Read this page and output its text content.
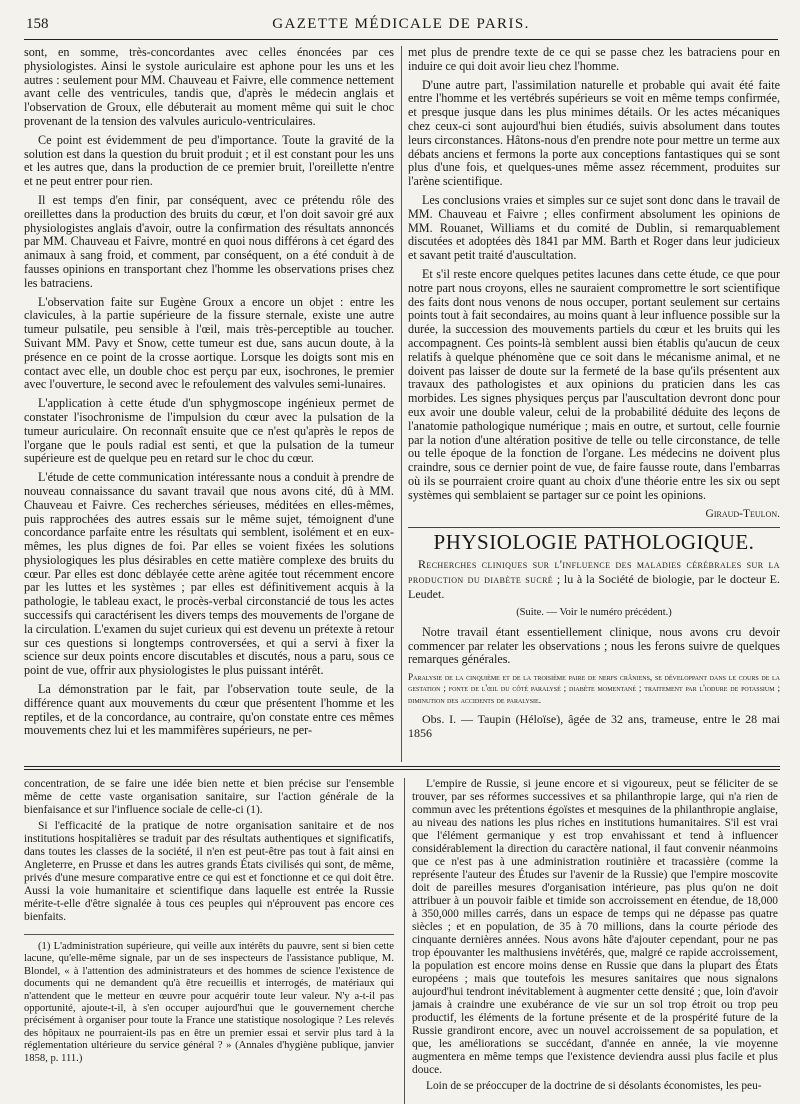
158	GAZETTE MÉDICALE DE PARIS.

sont, en somme, très-concordantes avec celles énoncées par ces physiologistes. Ainsi le systole auriculaire est aphone pour les uns et les autres : seulement pour MM. Chauveau et Faivre, elle commence nettement avant celle des ventricules, tandis que, d'après le médecin anglais et l'observation de Groux, elle débuterait au moment même qui suit le choc provenant de la tension des valvules auriculo-ventriculaires.

Ce point est évidemment de peu d'importance. Toute la gravité de la solution est dans la question du bruit produit ; et il est constant pour les uns et les autres que, dans la production de ce premier bruit, l'oreillette n'entre et ne peut entrer pour rien.

Il est temps d'en finir, par conséquent, avec ce prétendu rôle des oreillettes dans la production des bruits du cœur, et l'on doit savoir gré aux physiologistes anglais d'avoir, outre la confirmation des résultats annoncés par MM. Chauveau et Faivre, montré en quoi nous différons à cet égard des animaux à sang froid, et comment, par conséquent, on a été conduit à de fausses opinions en transportant chez l'homme les observations prises chez les batraciens.

L'observation faite sur Eugène Groux a encore un objet : entre les clavicules, à la partie supérieure de la fissure sternale, existe une autre tumeur pulsatile, peu sensible à l'œil, mais très-perceptible au toucher. Suivant MM. Pavy et Snow, cette tumeur est due, sans aucun doute, à la présence en ce point de la crosse aortique. Lorsque les doigts sont mis en contact avec elle, un double choc est perçu par eux, isochrones, le premier avec l'ouverture, le second avec le refoulement des valvules semi-lunaires.

L'application à cette étude d'un sphygmoscope ingénieux permet de constater l'isochronisme de l'impulsion du cœur avec la pulsation de la tumeur auriculaire. On reconnaît ensuite que ce n'est qu'après le repos de l'organe que le pouls radial est senti, et que la pulsation de la tumeur supérieure est de quelque peu en retard sur le choc du cœur.

L'étude de cette communication intéressante nous a conduit à prendre de nouveau connaissance du savant travail que nous avons cité, dû à MM. Chauveau et Faivre. Ces recherches sérieuses, méditées en elles-mêmes, puis rapprochées des autres essais sur le même sujet, témoignent d'une concordance parfaite entre les résultats qui semblent, isolément et en eux-mêmes, les plus dignes de foi. Par elles se voient fixées les solutions physiologiques les plus désirables en cette matière complexe des bruits du cœur. Par elles est donc déblayée cette arène agitée tout récemment encore par les luttes et les systèmes ; par elles est définitivement acquis à la pathologie, le tableau exact, le procès-verbal circonstancié de tous les actes successifs qui caractérisent les divers temps des mouvements de l'organe de la circulation. L'examen du sujet curieux qui est devenu un prétexte à retour sur ces questions si longtemps controversées, et qui a servi à fixer la science sur deux points encore discutables et discutés, nous a paru, sous ce point de vue, offrir aux physiologistes le plus puissant intérêt.

La démonstration par le fait, par l'observation toute seule, de la différence quant aux mouvements du cœur que présentent l'homme et les reptiles, et de la concordance, au contraire, qu'on constate entre ces mêmes mouvements chez lui et les mammifères supérieurs, ne per-

met plus de prendre texte de ce qui se passe chez les batraciens pour en induire ce qui doit avoir lieu chez l'homme.

D'une autre part, l'assimilation naturelle et probable qui avait été faite entre l'homme et les vertébrés supérieurs se voit en même temps confirmée, et presque jusque dans les plus minimes détails. Or les actes mécaniques chez ceux-ci sont aujourd'hui bien étudiés, suivis absolument dans toutes leurs circonstances. Hâtons-nous d'en prendre note pour mettre un terme aux débats anciens et fermons la porte aux conceptions fantastiques qui se sont plus d'une fois, et quelques-unes même assez récemment, produites sur l'arène scientifique.

Les conclusions vraies et simples sur ce sujet sont donc dans le travail de MM. Chauveau et Faivre ; elles confirment absolument les opinions de MM. Rouanet, Williams et du comité de Dublin, si remarquablement discutées et adoptées dès 1841 par MM. Barth et Roger dans leur judicieux et savant petit traité d'auscultation.

Et s'il reste encore quelques petites lacunes dans cette étude, ce que pour notre part nous croyons, elles ne sauraient compromettre le sort scientifique des faits dont nous venons de nous occuper, portant seulement sur certains points tout à fait secondaires, au moins quant à leur influence possible sur la durée, la succession des mouvements partiels du cœur et les bruits qui les accompagnent. Ces points-là semblent aussi bien établis qu'aucun de ceux relatifs à quelque phénomène que ce soit dans le mécanisme animal, et ne doivent pas laisser de doute sur la fermeté de la base qu'ils présentent aux travaux des pathologistes et aux opinions du praticien dans les cas morbides. Les signes physiques perçus par l'auscultation devront donc pour eux avoir une double valeur, celui de la probabilité déduite des leçons de l'anatomie pathologique numérique ; mais en outre, et surtout, celle fournie par la notion d'une altération positive de telle ou telle circonstance, de telle ou telle époque de la fonction de l'organe. Les médecins ne doivent plus craindre, sous ce dernier point de vue, de faire fausse route, dans l'embarras où ils se pourraient croire quant au choix d'une théorie entre les six ou sept systèmes qui semblaient se partager sur ce point les opinions.

Giraud-Teulon.
PHYSIOLOGIE PATHOLOGIQUE.
Recherches cliniques sur l'influence des maladies cérébrales sur la production du diabète sucré ; lu à la Société de biologie, par le docteur E. Leudet.
(Suite. — Voir le numéro précédent.)

Notre travail étant essentiellement clinique, nous avons cru devoir commencer par relater les observations ; nous les ferons suivre de quelques remarques générales.

Paralysie de la cinquième et de la troisième paire de nerfs crâniens, se développant dans le cours de la gestation ; fonte de l'œil du côté paralysé ; diabète momentané ; traitement par l'iodure de potassium ; diminution des accidents de paralysie.

Obs. I. — Taupin (Héloïse), âgée de 32 ans, trameuse, entre le 28 mai 1856

concentration, de se faire une idée bien nette et bien précise sur l'ensemble même de cette vaste organisation sanitaire, sur l'action générale de la bienfaisance et sur l'influence sociale de celle-ci (1).

Si l'efficacité de la pratique de notre organisation sanitaire et de nos institutions hospitalières se traduit par des résultats authentiques et significatifs, dans toutes les classes de la société, il n'en est peut-être pas tout à fait ainsi en Angleterre, en Prusse et dans les autres grands États civilisés qui sont, de même, privés d'une mesure comparative entre ce qui est et fonctionne et ce qui doit être. Aussi la voie humanitaire et scientifique dans laquelle est entrée la Russie mérite-t-elle d'être signalée à tous ces peuples qui n'éprouvent pas encore ces bienfaits.

(1) L'administration supérieure, qui veille aux intérêts du pauvre, sent si bien cette lacune, qu'elle-même signale, par un de ses inspecteurs de l'assistance publique, M. Blondel, « à l'attention des administrateurs et des hommes de science l'existence de documents qui ne demandent qu'à être recueillis et interrogés, de matériaux qui n'attendent que le metteur en œuvre pour acquérir toute leur valeur. N'y a-t-il pas opportunité, ajoute-t-il, à s'en occuper aujourd'hui que le gouvernement cherche précisément à organiser pour toute la France une statistique nosologique ? Les relevés des hôpitaux ne pourraient-ils pas en être un premier essai et servir plus tard à la réglementation ultérieure du service général ? » (Annales d'hygiène publique, janvier 1858, p. 111.)

L'empire de Russie, si jeune encore et si vigoureux, peut se féliciter de se trouver, par ses réformes successives et sa philanthropie large, qui n'a rien de commun avec les prétentions égoïstes et mesquines de la philanthropie anglaise, au niveau des nations les plus riches en institutions humanitaires. S'il est vrai que l'élément germanique y est trop envahissant et tend à influencer considérablement la direction du caractère national, il faut convenir néanmoins que ce n'est pas à une administration routinière et tracassière (comme la représente l'auteur des Études sur l'avenir de la Russie) que l'empire moscovite doit de pareilles mesures d'organisation intérieure, pas plus qu'on ne doit attribuer à un pouvoir faible et timide son accroissement en étendue, de 18,000 à 350,000 milles carrés, dans un espace de temps qui ne dépasse pas quatre siècles ; et en population, de 35 à 70 millions, dans la courte période des cinquante dernières années. Nous avons hâte d'ajouter cependant, pour ne pas trop épouvanter les malthusiens invétérés, que, malgré ce rapide accroissement, la population est encore moins dense en Russie que dans la plupart des États européens ; mais que toutefois les mesures sanitaires que nous signalons aujourd'hui tendront inévitablement à augmenter cette densité ; que, loin d'avoir jamais à craindre une exubérance de vie sur un sol trop étroit ou trop peu productif, les éléments de la fortune présente et de la prospérité future de la Russie grandiront encore, avec un nouvel accroissement de sa population, et que, les améliorations se succédant, d'année en année, la vie moyenne augmentera en même temps que l'existence deviendra aussi plus facile et plus douce.

Loin de se préoccuper de la doctrine de si désolants économistes, les peu-
